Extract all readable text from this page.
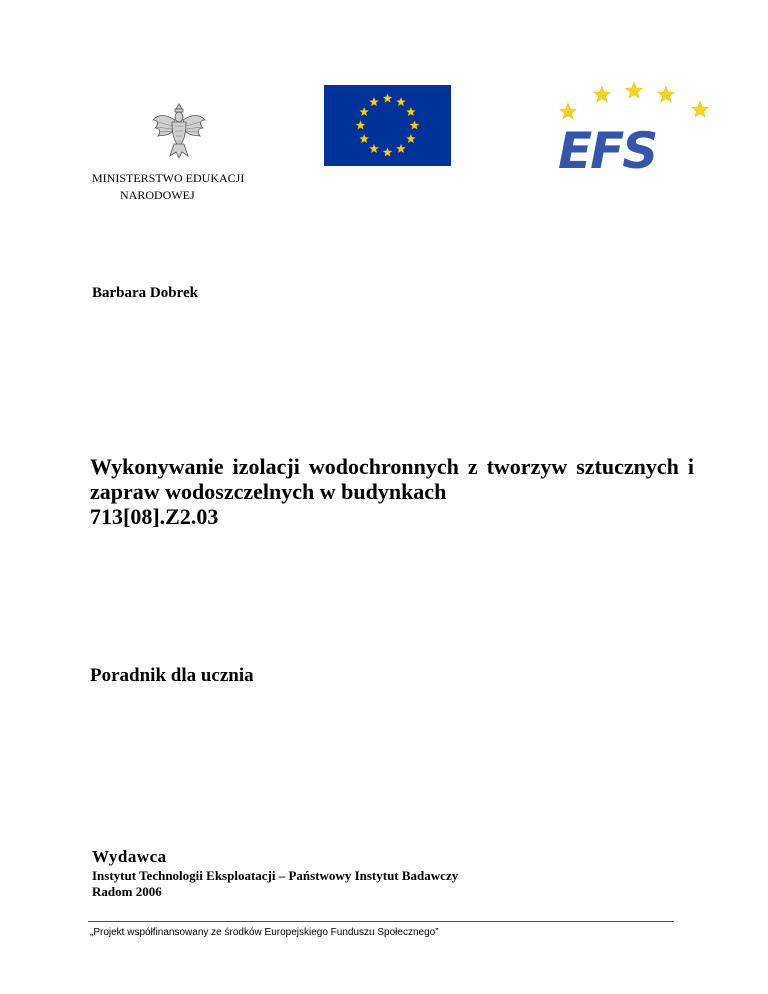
MINISTERSTWO EDUKACJI
NARODOWEJ
EFS
Barbara Dobrek
Wykonywanie izolacji wodochronnych z tworzyw sztucznych i zapraw wodoszczelnych w budynkach
713[08].Z2.03
Poradnik dla ucznia
Wydawca
Instytut Technologii Eksploatacji – Państwowy Instytut Badawczy
Radom 2006
„Projekt współfinansowany ze środków Europejskiego Funduszu Społecznego”
